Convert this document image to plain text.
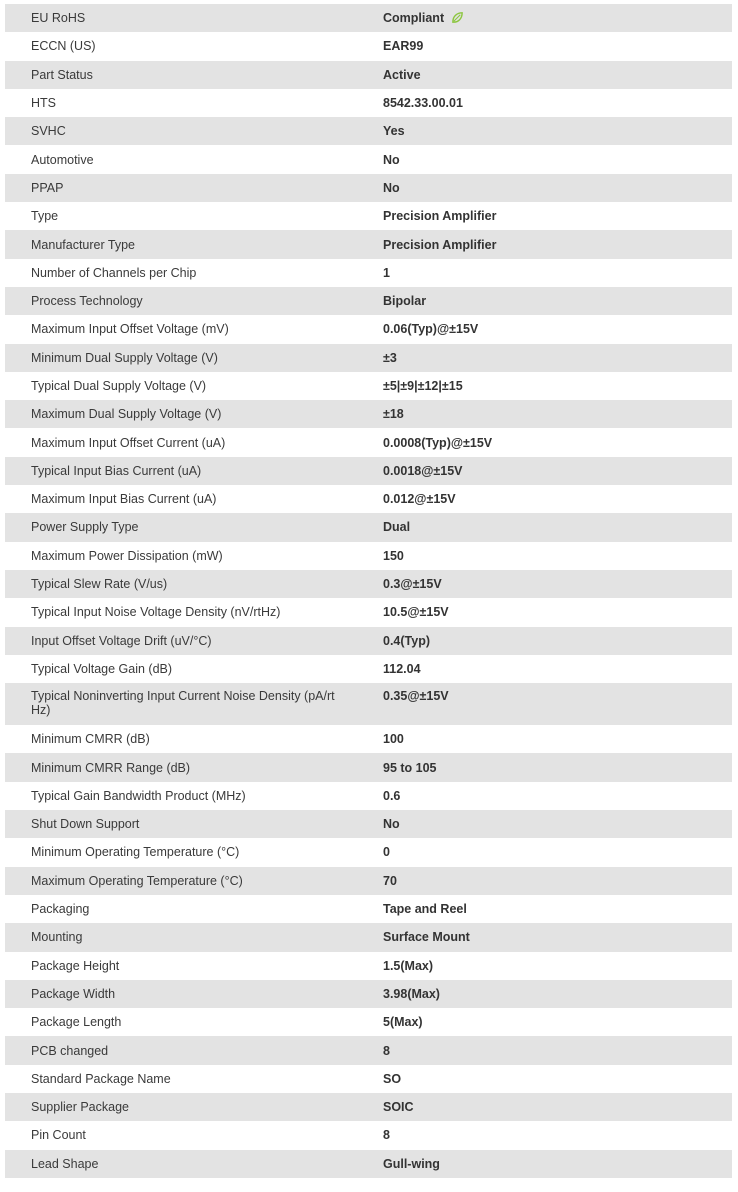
EU RoHS	Compliant
ECCN (US)	EAR99
Part Status	Active
HTS	8542.33.00.01
SVHC	Yes
Automotive	No
PPAP	No
Type	Precision Amplifier
Manufacturer Type	Precision Amplifier
Number of Channels per Chip	1
Process Technology	Bipolar
Maximum Input Offset Voltage (mV)	0.06(Typ)@±15V
Minimum Dual Supply Voltage (V)	±3
Typical Dual Supply Voltage (V)	±5|±9|±12|±15
Maximum Dual Supply Voltage (V)	±18
Maximum Input Offset Current (uA)	0.0008(Typ)@±15V
Typical Input Bias Current (uA)	0.0018@±15V
Maximum Input Bias Current (uA)	0.012@±15V
Power Supply Type	Dual
Maximum Power Dissipation (mW)	150
Typical Slew Rate (V/us)	0.3@±15V
Typical Input Noise Voltage Density (nV/rtHz)	10.5@±15V
Input Offset Voltage Drift (uV/°C)	0.4(Typ)
Typical Voltage Gain (dB)	112.04
Typical Noninverting Input Current Noise Density (pA/rtHz)	0.35@±15V
Minimum CMRR (dB)	100
Minimum CMRR Range (dB)	95 to 105
Typical Gain Bandwidth Product (MHz)	0.6
Shut Down Support	No
Minimum Operating Temperature (°C)	0
Maximum Operating Temperature (°C)	70
Packaging	Tape and Reel
Mounting	Surface Mount
Package Height	1.5(Max)
Package Width	3.98(Max)
Package Length	5(Max)
PCB changed	8
Standard Package Name	SO
Supplier Package	SOIC
Pin Count	8
Lead Shape	Gull-wing
